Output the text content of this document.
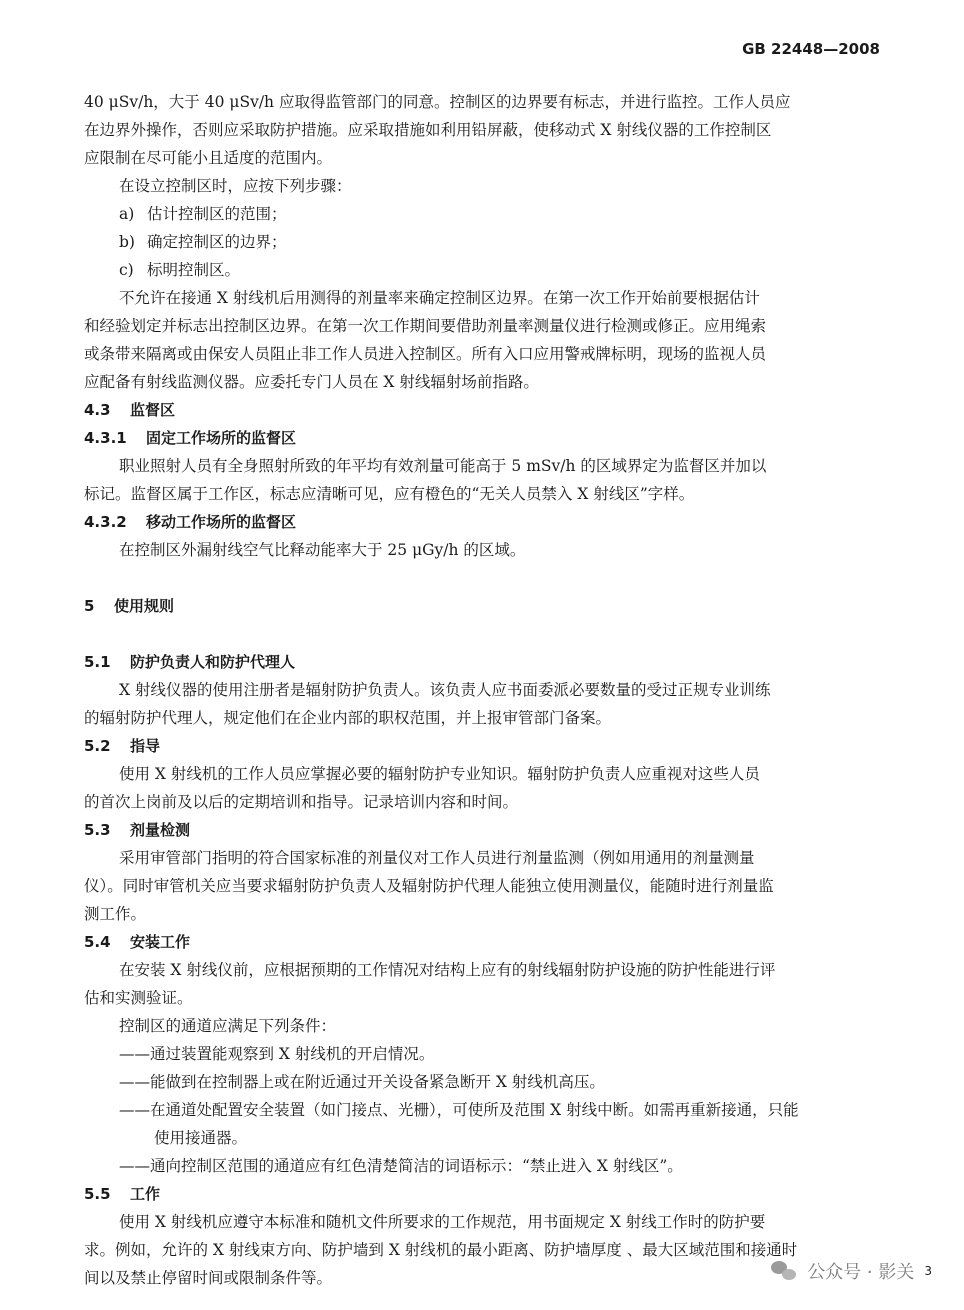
GB 22448—2008

40 μSv/h，大于 40 μSv/h 应取得监管部门的同意。控制区的边界要有标志，并进行监控。工作人员应

在边界外操作，否则应采取防护措施。应采取措施如利用铅屏蔽，使移动式 X 射线仪器的工作控制区

应限制在尽可能小且适度的范围内。

在设立控制区时，应按下列步骤：

a) 估计控制区的范围；

b) 确定控制区的边界；

c) 标明控制区。

不允许在接通 X 射线机后用测得的剂量率来确定控制区边界。在第一次工作开始前要根据估计

和经验划定并标志出控制区边界。在第一次工作期间要借助剂量率测量仪进行检测或修正。应用绳索

或条带来隔离或由保安人员阻止非工作人员进入控制区。所有入口应用警戒牌标明，现场的监视人员

应配备有射线监测仪器。应委托专门人员在 X 射线辐射场前指路。

4.3 监督区

4.3.1 固定工作场所的监督区

职业照射人员有全身照射所致的年平均有效剂量可能高于 5 mSv/h 的区域界定为监督区并加以

标记。监督区属于工作区，标志应清晰可见，应有橙色的“无关人员禁入 X 射线区”字样。

4.3.2 移动工作场所的监督区

在控制区外漏射线空气比释动能率大于 25 μGy/h 的区域。

5 使用规则

5.1 防护负责人和防护代理人

X 射线仪器的使用注册者是辐射防护负责人。该负责人应书面委派必要数量的受过正规专业训练

的辐射防护代理人，规定他们在企业内部的职权范围，并上报审管部门备案。

5.2 指导

使用 X 射线机的工作人员应掌握必要的辐射防护专业知识。辐射防护负责人应重视对这些人员

的首次上岗前及以后的定期培训和指导。记录培训内容和时间。

5.3 剂量检测

采用审管部门指明的符合国家标准的剂量仪对工作人员进行剂量监测（例如用通用的剂量测量

仪）。同时审管机关应当要求辐射防护负责人及辐射防护代理人能独立使用测量仪，能随时进行剂量监

测工作。

5.4 安装工作

在安装 X 射线仪前，应根据预期的工作情况对结构上应有的射线辐射防护设施的防护性能进行评

估和实测验证。

控制区的通道应满足下列条件：

——通过装置能观察到 X 射线机的开启情况。

——能做到在控制器上或在附近通过开关设备紧急断开 X 射线机高压。

——在通道处配置安全装置（如门接点、光栅），可使所及范围 X 射线中断。如需再重新接通，只能

使用接通器。

——通向控制区范围的通道应有红色清楚简洁的词语标示：“禁止进入 X 射线区”。

5.5 工作

使用 X 射线机应遵守本标准和随机文件所要求的工作规范，用书面规定 X 射线工作时的防护要

求。例如，允许的 X 射线束方向、防护墙到 X 射线机的最小距离、防护墙厚度 、最大区域范围和接通时

间以及禁止停留时间或限制条件等。	公众号 · 影关 3
